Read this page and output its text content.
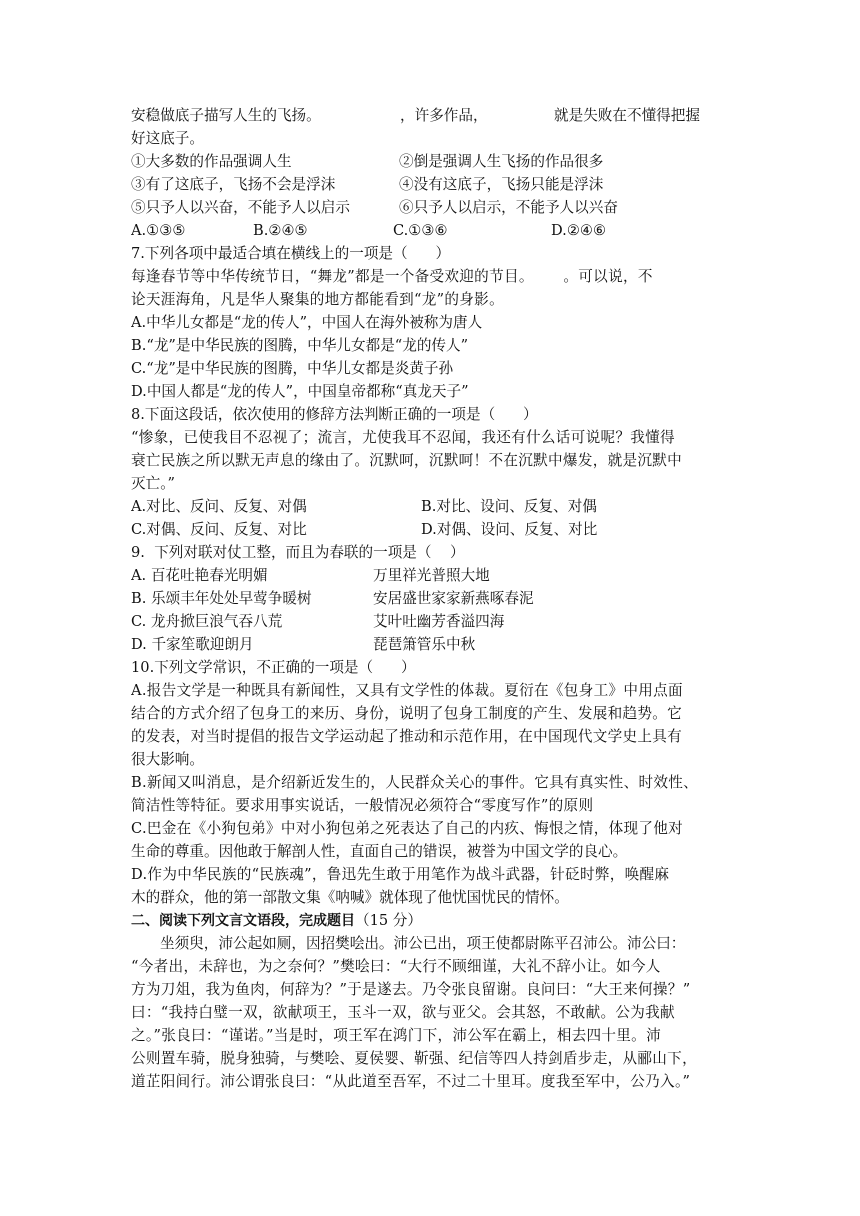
安稳做底子描写人生的飞扬。	，许多作品，	就是失败在不懂得把握
好这底子。
①大多数的作品强调人生	②倒是强调人生飞扬的作品很多
③有了这底子，飞扬不会是浮沫	④没有这底子，飞扬只能是浮沫
⑤只予人以兴奋，不能予人以启示	⑥只予人以启示，不能予人以兴奋
A.①③⑤	B.②④⑤	C.①③⑥	D.②④⑥
7.下列各项中最适合填在横线上的一项是（      ）
每逢春节等中华传统节日，“舞龙”都是一个备受欢迎的节目。      。可以说，不
论天涯海角，凡是华人聚集的地方都能看到“龙”的身影。
A.中华儿女都是“龙的传人”，中国人在海外被称为唐人
B.“龙”是中华民族的图腾，中华儿女都是“龙的传人”
C.“龙”是中华民族的图腾，中华儿女都是炎黄子孙
D.中国人都是“龙的传人”，中国皇帝都称“真龙天子”
8.下面这段话，依次使用的修辞方法判断正确的一项是（      ）
“惨象，已使我目不忍视了；流言，尤使我耳不忍闻，我还有什么话可说呢？我懂得
衰亡民族之所以默无声息的缘由了。沉默呵，沉默呵！不在沉默中爆发，就是沉默中
灭亡。”
A.对比、反问、反复、对偶	B.对比、设问、反复、对偶
C.对偶、反问、反复、对比	D.对偶、设问、反复、对比
9.  下列对联对仗工整，而且为春联的一项是（    ）
A. 百花吐艳春光明媚	万里祥光普照大地
B. 乐颂丰年处处早莺争暖树	安居盛世家家新燕啄春泥
C. 龙舟掀巨浪气吞八荒	艾叶吐幽芳香溢四海
D. 千家笙歌迎朗月	琵琶箫管乐中秋
10.下列文学常识，不正确的一项是（      ）
A.报告文学是一种既具有新闻性，又具有文学性的体裁。夏衍在《包身工》中用点面
结合的方式介绍了包身工的来历、身份，说明了包身工制度的产生、发展和趋势。它
的发表，对当时提倡的报告文学运动起了推动和示范作用，在中国现代文学史上具有
很大影响。
B.新闻又叫消息，是介绍新近发生的，人民群众关心的事件。它具有真实性、时效性、
简洁性等特征。要求用事实说话，一般情况必须符合“零度写作”的原则
C.巴金在《小狗包弟》中对小狗包弟之死表达了自己的内疚、悔恨之情，体现了他对
生命的尊重。因他敢于解剖人性，直面自己的错误，被誉为中国文学的良心。
D.作为中华民族的“民族魂”，鲁迅先生敢于用笔作为战斗武器，针砭时弊，唤醒麻
木的群众，他的第一部散文集《呐喊》就体现了他忧国忧民的情怀。
二、阅读下列文言文语段，完成题目（15 分）
坐须臾，沛公起如厕，因招樊哙出。沛公已出，项王使都尉陈平召沛公。沛公曰：
“今者出，未辞也，为之奈何？”樊哙曰：“大行不顾细谨，大礼不辞小让。如今人
方为刀俎，我为鱼肉，何辞为？”于是遂去。乃令张良留谢。良问曰：“大王来何操？”
曰：“我持白璧一双，欲献项王，玉斗一双，欲与亚父。会其怒，不敢献。公为我献
之。”张良曰：“谨诺。”当是时，项王军在鸿门下，沛公军在霸上，相去四十里。沛
公则置车骑，脱身独骑，与樊哙、夏侯婴、靳强、纪信等四人持剑盾步走，从郦山下，
道芷阳间行。沛公谓张良曰：“从此道至吾军，不过二十里耳。度我至军中，公乃入。”
